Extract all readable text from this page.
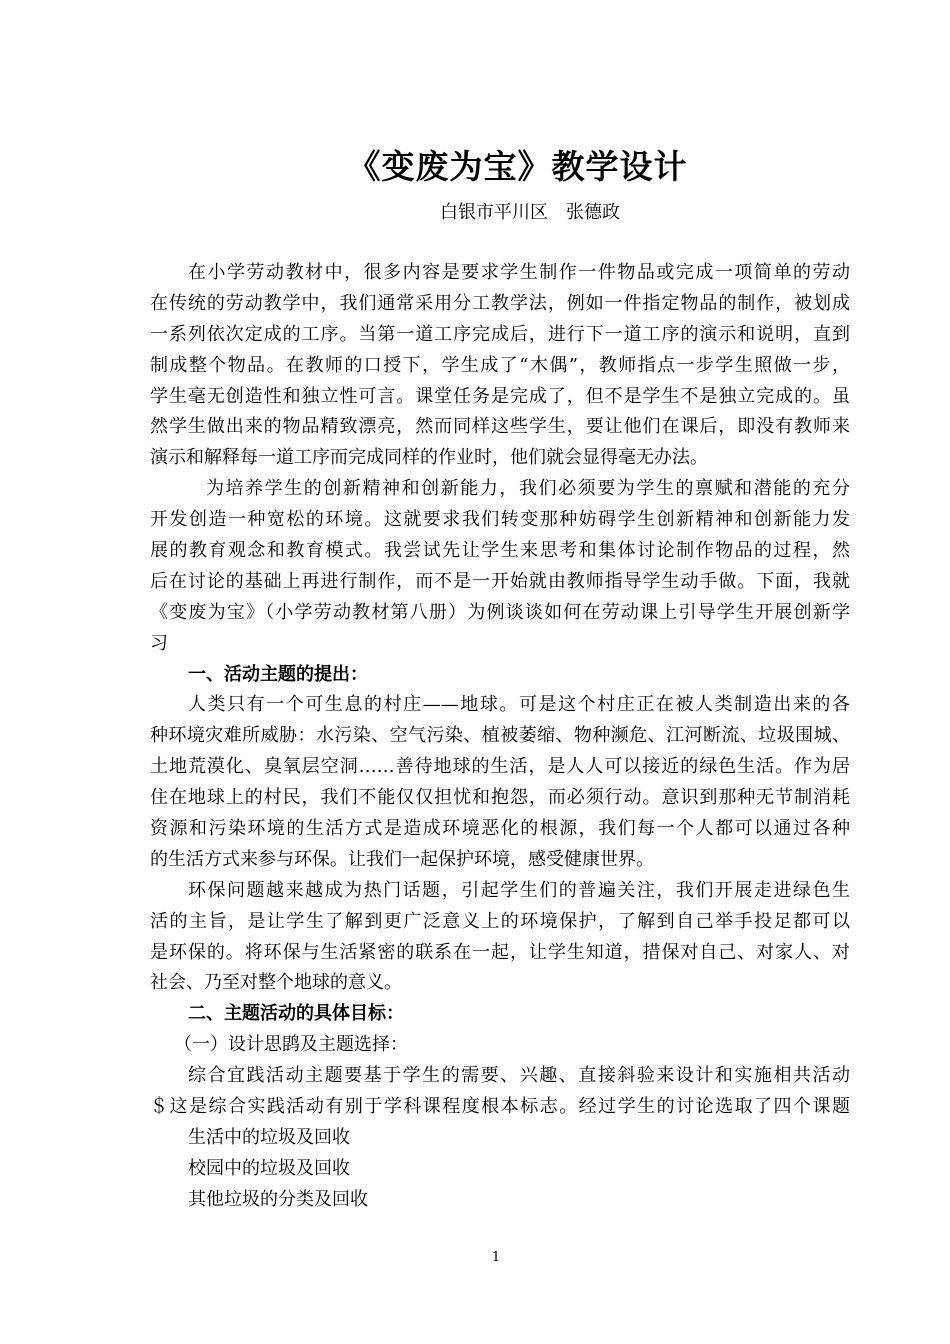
《变废为宝》教学设计
白银市平川区　张德政
在小学劳动教材中，很多内容是要求学生制作一件物品或完成一项简单的劳动
在传统的劳动教学中，我们通常采用分工教学法，例如一件指定物品的制作，被划成
一系列依次定成的工序。当第一道工序完成后，进行下一道工序的演示和说明，直到
制成整个物品。在教师的口授下，学生成了“木偶”，教师指点一步学生照做一步，
学生毫无创造性和独立性可言。课堂任务是完成了，但不是学生不是独立完成的。虽
然学生做出来的物品精致漂亮，然而同样这些学生，要让他们在课后，即没有教师来
演示和解释每一道工序而完成同样的作业时，他们就会显得毫无办法。
为培养学生的创新精神和创新能力，我们必须要为学生的禀赋和潜能的充分
开发创造一种宽松的环境。这就要求我们转变那种妨碍学生创新精神和创新能力发
展的教育观念和教育模式。我尝试先让学生来思考和集体讨论制作物品的过程，然
后在讨论的基础上再进行制作，而不是一开始就由教师指导学生动手做。下面，我就
《变废为宝》（小学劳动教材第八册）为例谈谈如何在劳动课上引导学生开展创新学
习
一、活动主题的提出：
人类只有一个可生息的村庄——地球。可是这个村庄正在被人类制造出来的各
种环境灾难所威胁：水污染、空气污染、植被萎缩、物种濒危、江河断流、垃圾围城、
土地荒漠化、臭氧层空洞……善待地球的生活，是人人可以接近的绿色生活。作为居
住在地球上的村民，我们不能仅仅担忧和抱怨，而必须行动。意识到那种无节制消耗
资源和污染环境的生活方式是造成环境恶化的根源，我们每一个人都可以通过各种
的生活方式来参与环保。让我们一起保护环境，感受健康世界。
环保问题越来越成为热门话题，引起学生们的普遍关注，我们开展走进绿色生
活的主旨，是让学生了解到更广泛意义上的环境保护，了解到自己举手投足都可以
是环保的。将环保与生活紧密的联系在一起，让学生知道，措保对自己、对家人、对
社会、乃至对整个地球的意义。
二、主题活动的具体目标：
（一）设计思鹍及主题选择：
综合宜践活动主题要基于学生的需要、兴趣、直接斜验来设计和实施相共活动
＄这是综合实践活动有别于学科课程度根本标志。经过学生的讨论选取了四个课题
生活中的垃圾及回收
校园中的垃圾及回收
其他垃圾的分类及回收
1
